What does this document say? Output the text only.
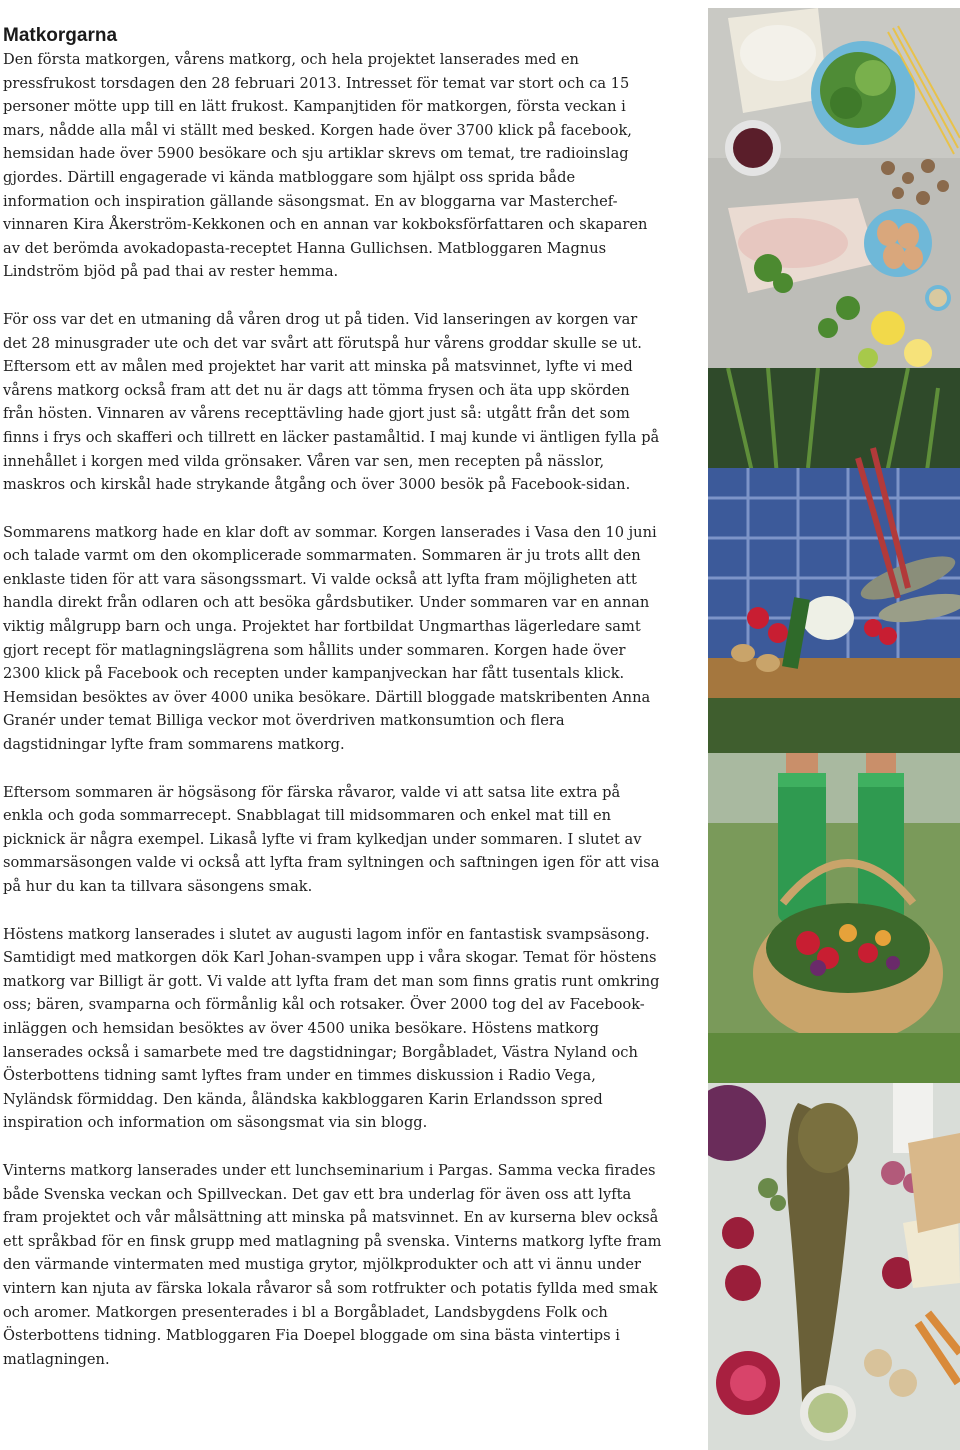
Matkorgarna

Den första matkorgen, vårens matkorg, och hela projektet lanserades med en pressfrukost torsdagen den 28 februari 2013. Intresset för temat var stort och ca 15 personer mötte upp till en lätt frukost. Kampanjtiden för matkorgen, första veckan i mars, nådde alla mål vi ställt med besked. Korgen hade över 3700 klick på facebook, hemsidan hade över 5900 besökare och sju artiklar skrevs om temat, tre radioinslag gjordes. Därtill engagerade vi kända matbloggare som hjälpt oss sprida både information och inspiration gällande säsongsmat. En av bloggarna var Masterchef-vinnaren Kira Åkerström-Kekkonen och en annan var kokboksförfattaren och skaparen av det berömda avokadopasta-receptet Hanna Gullichsen. Matbloggaren Magnus Lindström bjöd på pad thai av rester hemma.

För oss var det en utmaning då våren drog ut på tiden. Vid lanseringen av korgen var det 28 minusgrader ute och det var svårt att förutspå hur vårens groddar skulle se ut. Eftersom ett av målen med projektet har varit att minska på matsvinnet, lyfte vi med vårens matkorg också fram att det nu är dags att tömma frysen och äta upp skörden från hösten. Vinnaren av vårens recepttävling hade gjort just så: utgått från det som finns i frys och skafferi och tillrett en läcker pastamåltid. I maj kunde vi äntligen fylla på innehållet i korgen med vilda grönsaker. Våren var sen, men recepten på nässlor, maskros och kirskål hade strykande åtgång och över 3000 besök på Facebook-sidan.

Sommarens matkorg hade en klar doft av sommar. Korgen lanserades i Vasa den 10 juni och talade varmt om den okomplicerade sommarmaten. Sommaren är ju trots allt den enklaste tiden för att vara säsongssmart. Vi valde också att lyfta fram möjligheten att handla direkt från odlaren och att besöka gårdsbutiker. Under sommaren var en annan viktig målgrupp barn och unga. Projektet har fortbildat Ungmarthas lägerledare samt gjort recept för matlagningslägrena som hållits under sommaren. Korgen hade över 2300 klick på Facebook och recepten under kampanjveckan har fått tusentals klick. Hemsidan besöktes av över 4000 unika besökare. Därtill bloggade matskribenten Anna Granér under temat Billiga veckor mot överdriven matkonsumtion och flera dagstidningar lyfte fram sommarens matkorg.

Eftersom sommaren är högsäsong för färska råvaror, valde vi att satsa lite extra på enkla och goda sommarrecept. Snabblagat till midsommaren och enkel mat till en picknick är några exempel. Likaså lyfte vi fram kylkedjan under sommaren. I slutet av sommarsäsongen valde vi också att lyfta fram syltningen och saftningen igen för att visa på hur du kan ta tillvara säsongens smak.

Höstens matkorg lanserades i slutet av augusti lagom inför en fantastisk svampsäsong. Samtidigt med matkorgen dök Karl Johan-svampen upp i våra skogar. Temat för höstens matkorg var Billigt är gott. Vi valde att lyfta fram det man som finns gratis runt omkring oss; bären, svamparna och förmånlig kål och rotsaker. Över 2000 tog del av Facebook-inläggen och hemsidan besöktes av över 4500 unika besökare. Höstens matkorg lanserades också i samarbete med tre dagstidningar; Borgåbladet, Västra Nyland och Österbottens tidning samt lyftes fram under en timmes diskussion i Radio Vega, Nyländsk förmiddag. Den kända, åländska kakbloggaren Karin Erlandsson spred inspiration och information om säsongsmat via sin blogg.

Vinterns matkorg lanserades under ett lunchseminarium i Pargas. Samma vecka firades både Svenska veckan och Spillveckan. Det gav ett bra underlag för även oss att lyfta fram projektet och vår målsättning att minska på matsvinnet. En av kurserna blev också ett språkbad för en finsk grupp med matlagning på svenska. Vinterns matkorg lyfte fram den värmande vintermaten med mustiga grytor, mjölkprodukter och att vi ännu under vintern kan njuta av färska lokala råvaror så som rotfrukter och potatis fyllda med smak och aromer. Matkorgen presenterades i bl a Borgåbladet, Landsbygdens Folk och Österbottens tidning. Matbloggaren Fia Doepel bloggade om sina bästa vintertips i matlagningen.
